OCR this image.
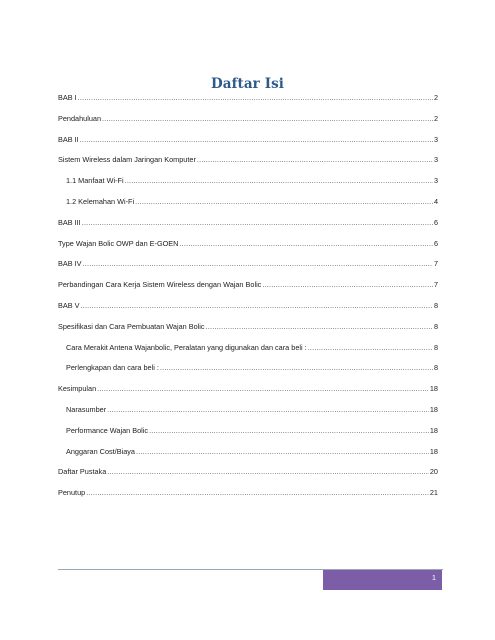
Daftar Isi
BAB I .....	2
Pendahuluan .....	2
BAB II .....	3
Sistem Wireless dalam Jaringan Komputer .....	3
1.1 Manfaat Wi-Fi .....	3
1.2 Kelemahan Wi-Fi .....	4
BAB III .....	6
Type Wajan Bolic OWP dan E-GOEN .....	6
BAB IV .....	7
Perbandingan Cara Kerja Sistem Wireless dengan Wajan Bolic .....	7
BAB V .....	8
Spesifikasi dan Cara Pembuatan Wajan Bolic .....	8
Cara Merakit Antena Wajanbolic, Peralatan yang digunakan dan cara beli : .....	8
Perlengkapan dan cara beli : .....	8
Kesimpulan .....	18
Narasumber .....	18
Performance Wajan Bolic .....	18
Anggaran Cost/Biaya .....	18
Daftar Pustaka .....	20
Penutup .....	21
1
